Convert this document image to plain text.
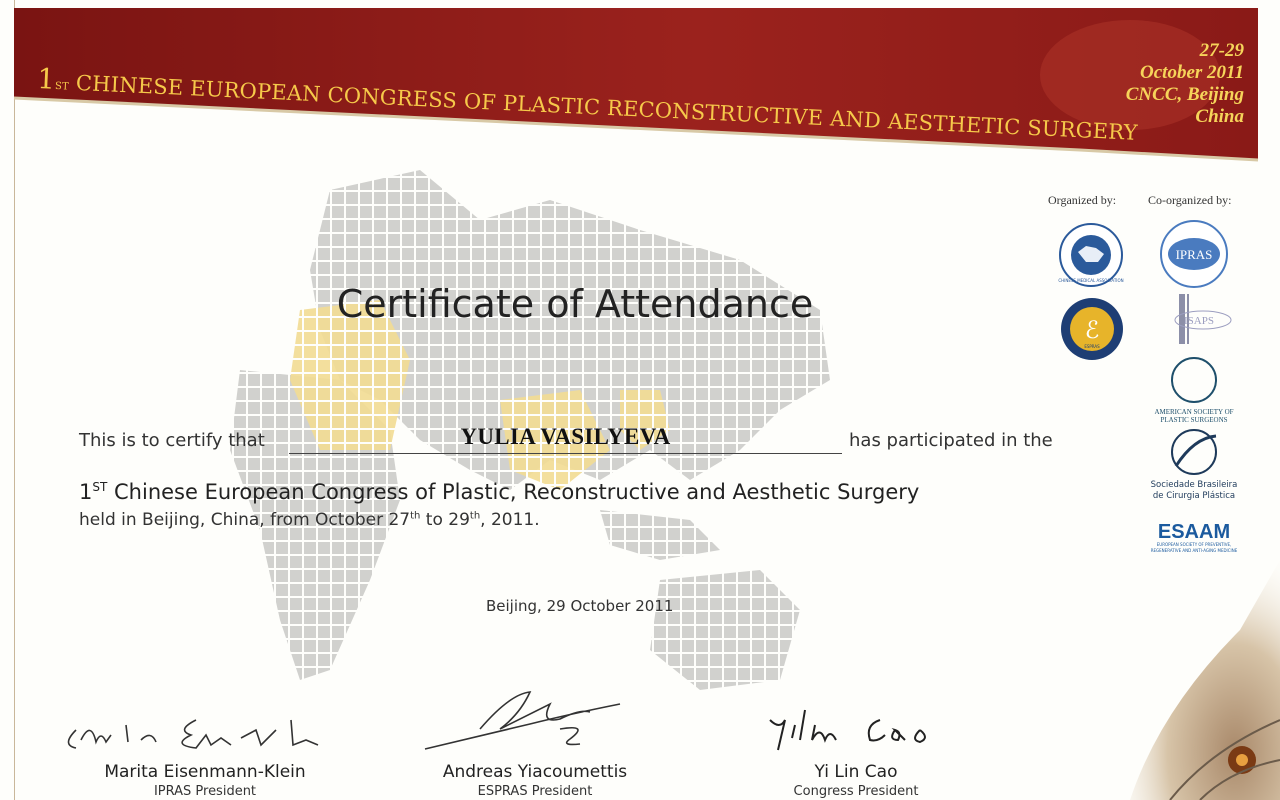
1ST CHINESE EUROPEAN CONGRESS OF PLASTIC RECONSTRUCTIVE AND AESTHETIC SURGERY
27-29
October 2011
CNCC, Beijing
China
Certificate of Attendance
This is to certify that	YULIA VASILYEVA	has participated in the
1ST Chinese European Congress of Plastic, Reconstructive and Aesthetic Surgery
held in Beijing, China, from October 27th to 29th, 2011.
Beijing, 29 October 2011
Organized by:	Co-organized by:
CHINESE MEDICAL ASSOCIATION
IPRAS
ℰ
ESPRAS
ISAPS
AMERICAN SOCIETY OF
PLASTIC SURGEONS
Sociedade Brasileira
de Cirurgia Plástica
ESAAM
EUROPEAN SOCIETY OF PREVENTIVE,
REGENERATIVE AND ANTI-AGING MEDICINE
Marita Eisenmann-Klein
IPRAS President
Andreas Yiacoumettis
ESPRAS President
Yi Lin Cao
Congress President
